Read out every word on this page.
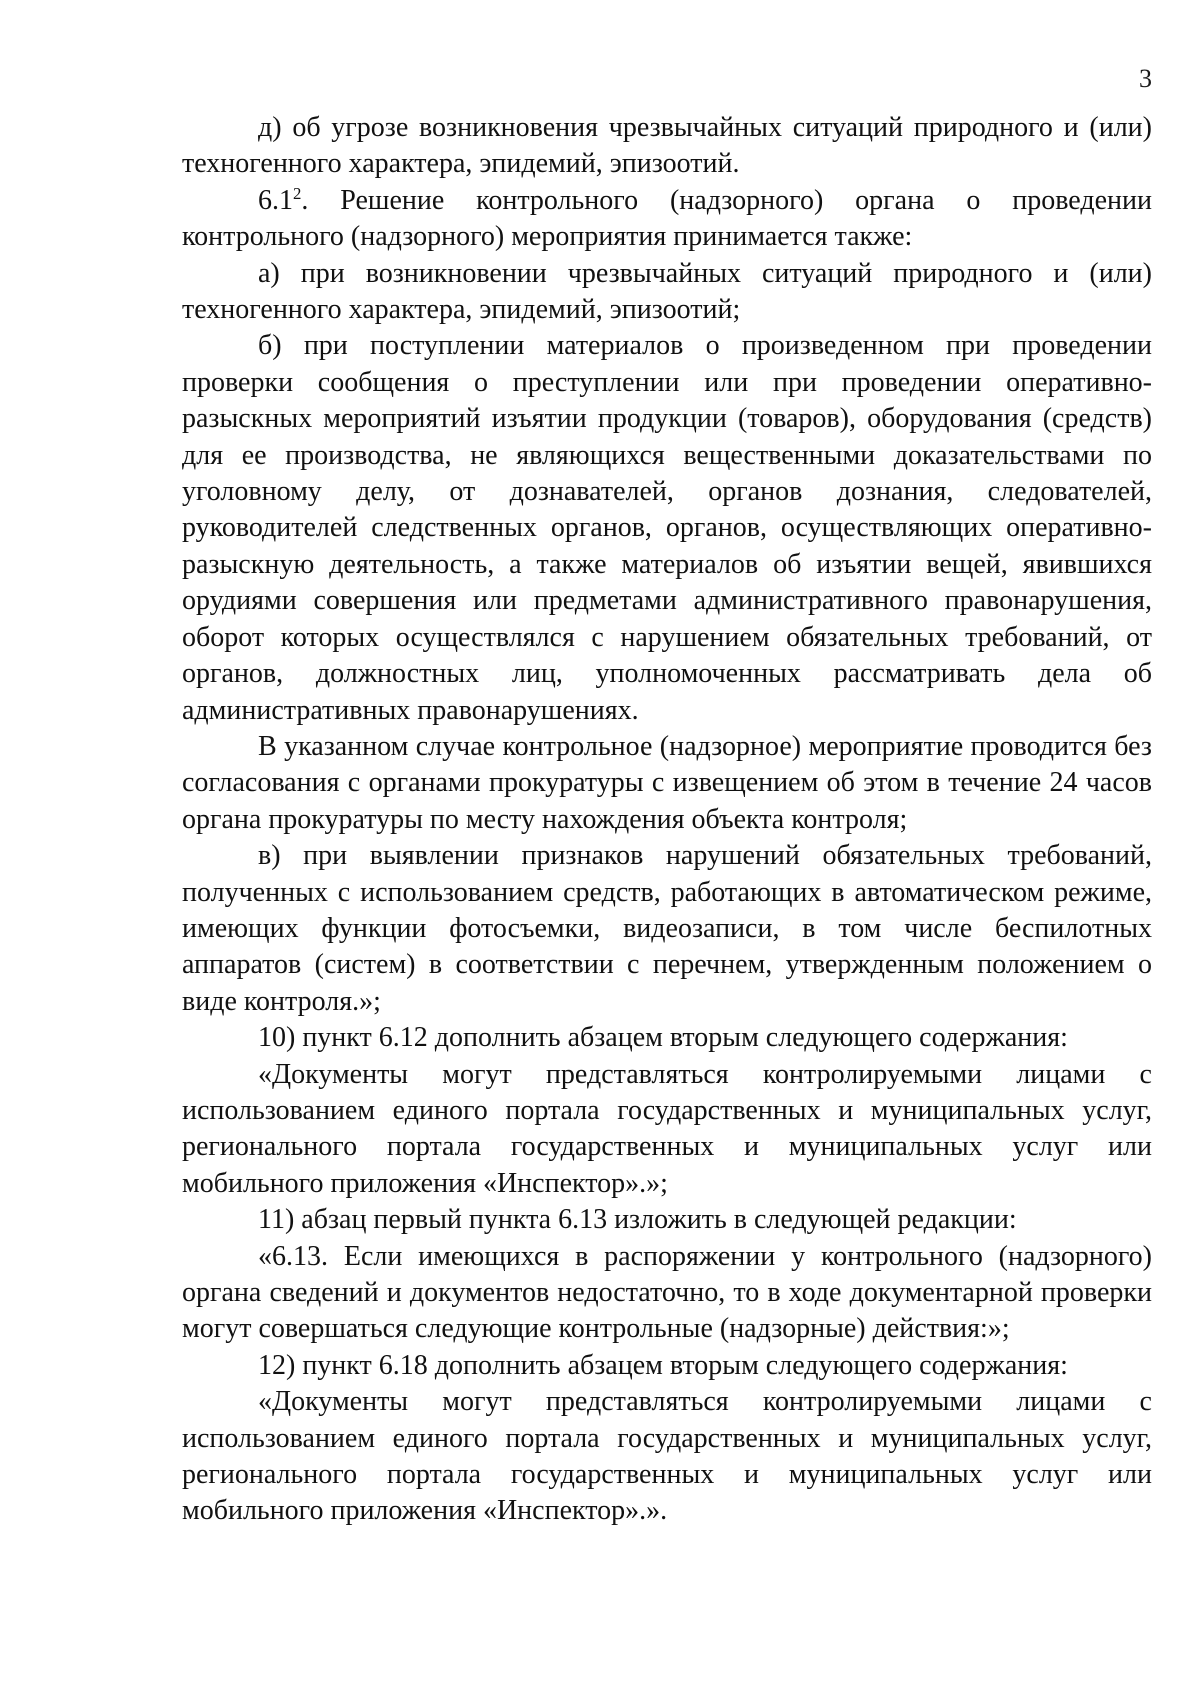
3

д) об угрозе возникновения чрезвычайных ситуаций природного и (или) техногенного характера, эпидемий, эпизоотий.

$6.1^2$. Решение контрольного (надзорного) органа о проведении контрольного (надзорного) мероприятия принимается также:

а) при возникновении чрезвычайных ситуаций природного и (или) техногенного характера, эпидемий, эпизоотий;

б) при поступлении материалов о произведенном при проведении проверки сообщения о преступлении или при проведении оперативно-разыскных мероприятий изъятии продукции (товаров), оборудования (средств) для ее производства, не являющихся вещественными доказательствами по уголовному делу, от дознавателей, органов дознания, следователей, руководителей следственных органов, органов, осуществляющих оперативно-разыскную деятельность, а также материалов об изъятии вещей, явившихся орудиями совершения или предметами административного правонарушения, оборот которых осуществлялся с нарушением обязательных требований, от органов, должностных лиц, уполномоченных рассматривать дела об административных правонарушениях.

В указанном случае контрольное (надзорное) мероприятие проводится без согласования с органами прокуратуры с извещением об этом в течение 24 часов органа прокуратуры по месту нахождения объекта контроля;

в) при выявлении признаков нарушений обязательных требований, полученных с использованием средств, работающих в автоматическом режиме, имеющих функции фотосъемки, видеозаписи, в том числе беспилотных аппаратов (систем) в соответствии с перечнем, утвержденным положением о виде контроля.»;

10) пункт 6.12 дополнить абзацем вторым следующего содержания:

«Документы могут представляться контролируемыми лицами с использованием единого портала государственных и муниципальных услуг, регионального портала государственных и муниципальных услуг или мобильного приложения «Инспектор».»;

11) абзац первый пункта 6.13 изложить в следующей редакции:

«6.13. Если имеющихся в распоряжении у контрольного (надзорного) органа сведений и документов недостаточно, то в ходе документарной проверки могут совершаться следующие контрольные (надзорные) действия:»;

12) пункт 6.18 дополнить абзацем вторым следующего содержания:

«Документы могут представляться контролируемыми лицами с использованием единого портала государственных и муниципальных услуг, регионального портала государственных и муниципальных услуг или мобильного приложения «Инспектор».».
